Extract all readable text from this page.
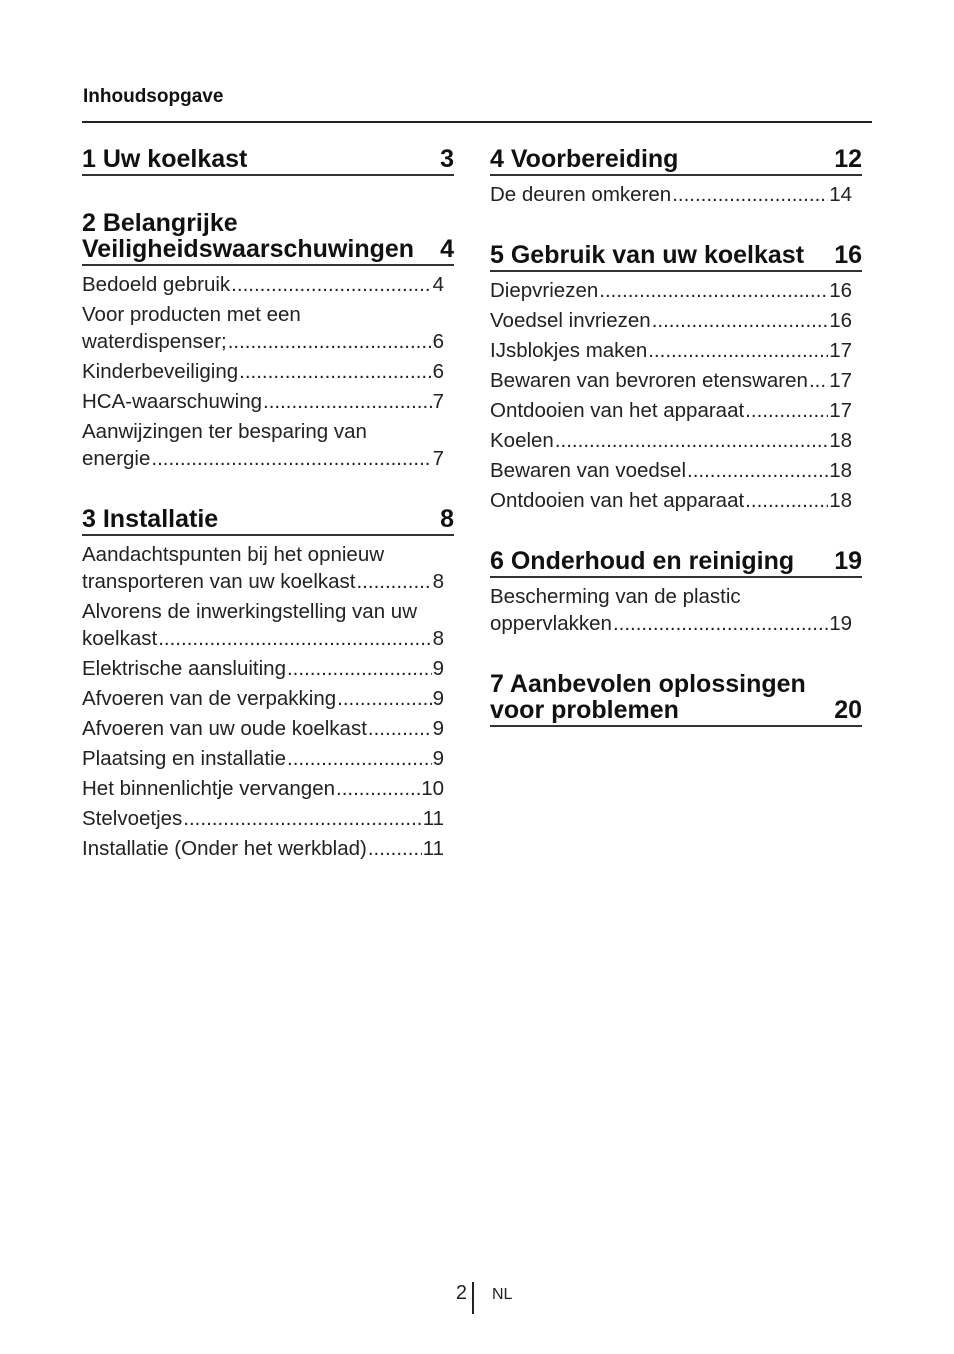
Inhoudsopgave
1 Uw koelkast	3
2 Belangrijke
Veiligheidswaarschuwingen 4
Bedoeld gebruik .....	4
Voor producten met een
waterdispenser; .....	6
Kinderbeveiliging .....	6
HCA-waarschuwing .....	7
Aanwijzingen ter besparing van
energie .....	7
3 Installatie	8
Aandachtspunten bij het opnieuw
transporteren van uw koelkast .....	8
Alvorens de inwerkingstelling van uw
koelkast .....	8
Elektrische aansluiting .....	9
Afvoeren van de verpakking .....	9
Afvoeren van uw oude koelkast .....	9
Plaatsing en installatie .....	9
Het binnenlichtje vervangen .....	10
Stelvoetjes .....	11
Installatie (Onder het werkblad) .....	11
4 Voorbereiding	12
De deuren omkeren .....	14
5 Gebruik van uw koelkast 16
Diepvriezen .....	16
Voedsel invriezen .....	16
IJsblokjes maken .....	17
Bewaren van bevroren etenswaren ..... 17
Ontdooien van het apparaat .....	17
Koelen .....	18
Bewaren van voedsel .....	18
Ontdooien van het apparaat .....	18
6 Onderhoud en reiniging 19
Bescherming van de plastic
oppervlakken .....	19
7 Aanbevolen oplossingen
voor problemen	20
2 NL
